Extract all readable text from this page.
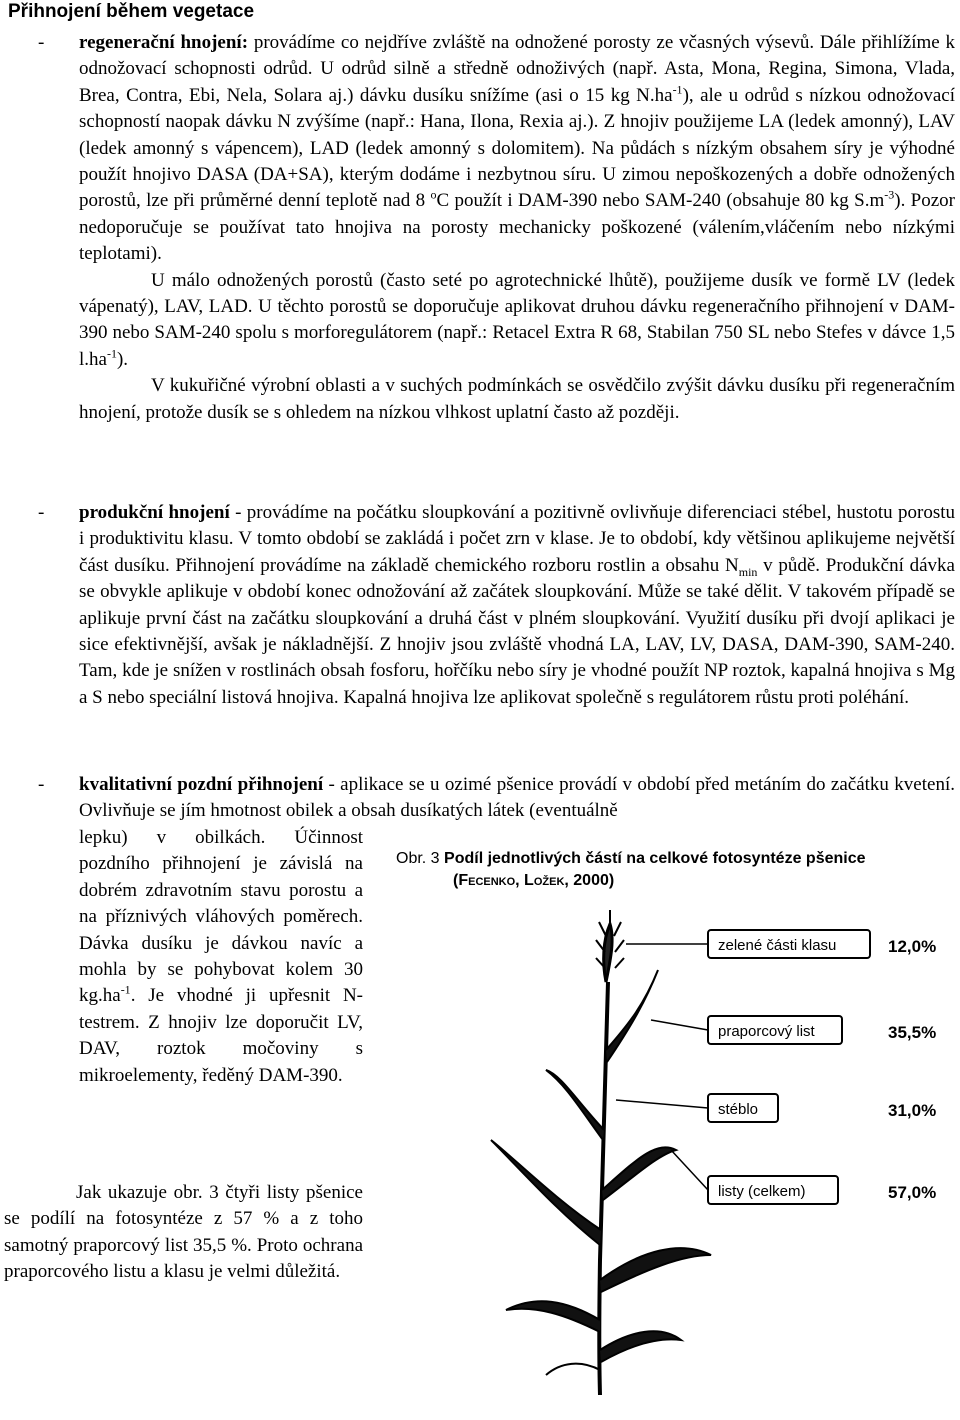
Přihnojení během vegetace
- regenerační hnojení: provádíme co nejdříve zvláště na odnožené porosty ze včasných výsevů. Dále přihlížíme k odnožovací schopnosti odrůd. U odrůd silně a středně odnoživých (např. Asta, Mona, Regina, Simona, Vlada, Brea, Contra, Ebi, Nela, Solara aj.) dávku dusíku snížíme (asi o 15 kg $N.ha^{-1}$), ale u odrůd s nízkou odnožovací schopností naopak dávku N zvýšíme (např.: Hana, Ilona, Rexia aj.). Z hnojiv použijeme LA (ledek amonný), LAV (ledek amonný s vápencem), LAD (ledek amonný s dolomitem). Na půdách s nízkým obsahem síry je výhodné použít hnojivo DASA (DA+SA), kterým dodáme i nezbytnou síru. U zimou nepoškozených a dobře odnožených porostů, lze při průměrné denní teplotě nad 8 $^o$C použít i DAM-390 nebo SAM-240 (obsahuje 80 kg $S.m^{-3}$). Pozor nedoporučuje se používat tato hnojiva na porosty mechanicky poškozené (válením,vláčením nebo nízkými teplotami).

U málo odnožených porostů (často seté po agrotechnické lhůtě), použijeme dusík ve formě LV (ledek vápenatý), LAV, LAD. U těchto porostů se doporučuje aplikovat druhou dávku regeneračního přihnojení v DAM-390 nebo SAM-240 spolu s morforegulátorem (např.: Retacel Extra R 68, Stabilan 750 SL nebo Stefes v dávce 1,5 $l.ha^{-1}$).

V kukuřičné výrobní oblasti a v suchých podmínkách se osvědčilo zvýšit dávku dusíku při regeneračním hnojení, protože dusík se s ohledem na nízkou vlhkost uplatní často až později.

- produkční hnojení - provádíme na počátku sloupkování a pozitivně ovlivňuje diferenciaci stébel, hustotu porostu i produktivitu klasu. V tomto období se zakládá i počet zrn v klase. Je to období, kdy většinou aplikujeme největší část dusíku. Přihnojení provádíme na základě chemického rozboru rostlin a obsahu $N_{min}$ v půdě. Produkční dávka se obvykle aplikuje v období konec odnožování až začátek sloupkování. Může se také dělit. V takovém případě se aplikuje první část na začátku sloupkování a druhá část v plném sloupkování. Využití dusíku při dvojí aplikaci je sice efektivnější, avšak je nákladnější. Z hnojiv jsou zvláště vhodná LA, LAV, LV, DASA, DAM-390, SAM-240. Tam, kde je snížen v rostlinách obsah fosforu, hořčíku nebo síry je vhodné použít NP roztok, kapalná hnojiva s Mg a S nebo speciální listová hnojiva. Kapalná hnojiva lze aplikovat společně s regulátorem růstu proti poléhání.

- kvalitativní pozdní přihnojení - aplikace se u ozimé pšenice provádí v období před metáním do začátku kvetení. Ovlivňuje se jím hmotnost obilek a obsah dusíkatých látek (eventuálně

lepku) v obilkách. Účinnost pozdního přihnojení je závislá na dobrém zdravotním stavu porostu a na příznivých vláhových poměrech. Dávka dusíku je dávkou navíc a mohla by se pohybovat kolem 30 $kg.ha^{-1}$. Je vhodné ji upřesnit N-testrem. Z hnojiv lze doporučit LV, DAV, roztok močoviny s mikroelementy, ředěný DAM-390.

Jak ukazuje obr. 3 čtyři listy pšenice se podílí na fotosyntéze z 57 % a z toho samotný praporcový list 35,5 %. Proto ochrana praporcového listu a klasu je velmi důležitá.

Obr. 3 Podíl jednotlivých částí na celkové fotosyntéze pšenice
(Fecenko, Ložek, 2000)
zelené části klasu	12,0%
praporcový list	35,5%
stéblo	31,0%
listy (celkem)	57,0%
